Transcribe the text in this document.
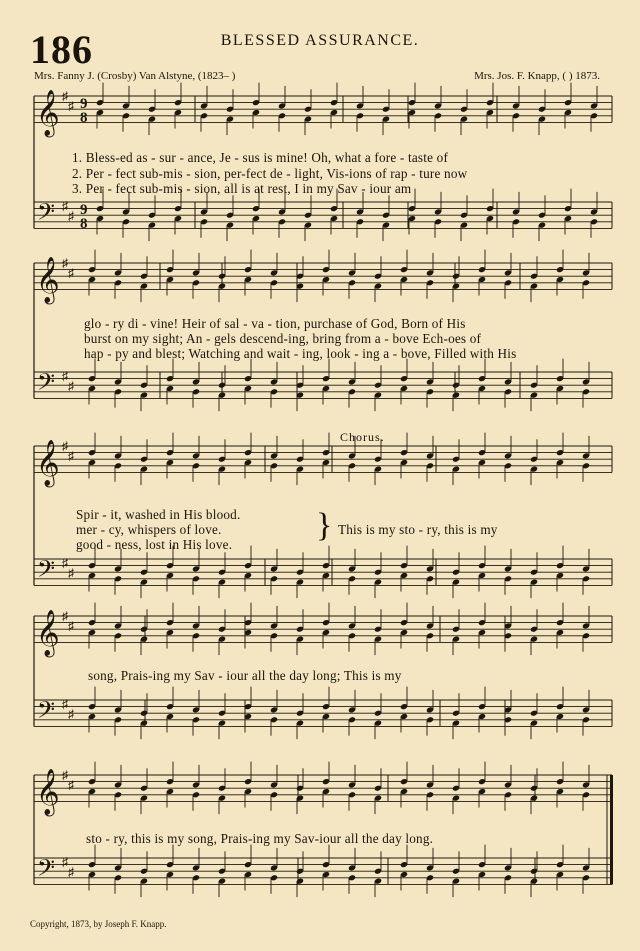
186	BLESSED ASSURANCE.
Mrs. Fanny J. (Crosby) Van Alstyne, (1823– )	Mrs. Jos. F. Knapp, ( ) 1873.
𝄞
𝄢
♯
♯
♯
♯
9
8
9
8
𝄞
𝄢
♯
♯
♯
♯
𝄞
𝄢
♯
♯
♯
♯
𝄞
𝄢
♯
♯
♯
♯
𝄞
𝄢
♯
♯
♯
♯
1. Bless-ed as - sur - ance, Je - sus is mine! Oh, what a fore - taste of
2. Per - fect sub-mis - sion, per-fect de - light, Vis-ions of rap - ture now
3. Per - fect sub-mis - sion, all is at rest, I in my Sav - iour am
glo - ry di - vine! Heir of sal - va - tion, purchase of God, Born of His
burst on my sight; An - gels descend-ing, bring from a - bove Ech-oes of
hap - py and blest; Watching and wait - ing, look - ing a - bove, Filled with His
Chorus.
Spir - it, washed in His blood.
mer - cy, whispers of love.
good - ness, lost in His love.
} This is my sto - ry, this is my
song, Prais-ing my Sav - iour all the day long; This is my
sto - ry, this is my song, Prais-ing my Sav-iour all the day long.
Copyright, 1873, by Joseph F. Knapp.
